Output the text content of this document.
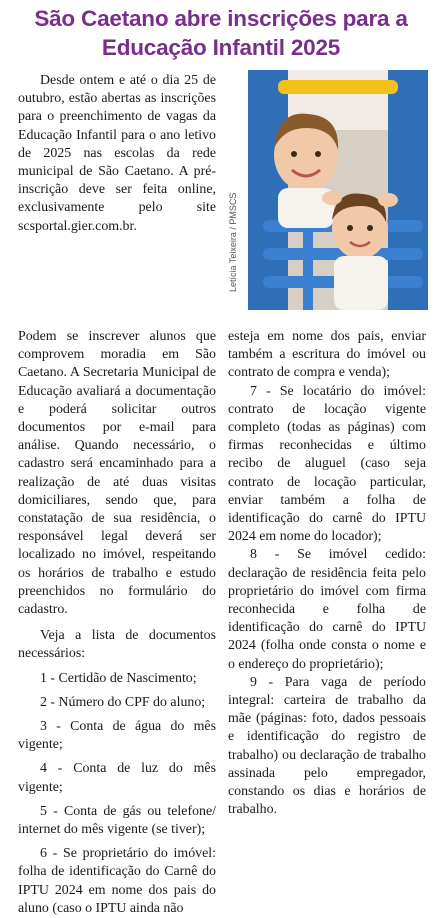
São Caetano abre inscrições para a Educação Infantil 2025

Desde ontem e até o dia 25 de outubro, estão abertas as inscrições para o preenchimento de vagas da Educação Infantil para o ano letivo de 2025 nas escolas da rede municipal de São Caetano. A pré-inscrição deve ser feita online, exclusivamente pelo site scsportal.gier.com.br.	Letícia Teixeira / PMSCS

Podem se inscrever alunos que comprovem moradia em São Caetano. A Secretaria Municipal de Educação avaliará a documentação e poderá solicitar outros documentos por e-mail para análise. Quando necessário, o cadastro será encaminhado para a realização de até duas visitas domiciliares, sendo que, para constatação de sua residência, o responsável legal deverá ser localizado no imóvel, respeitando os horários de trabalho e estudo preenchidos no formulário do cadastro.

Veja a lista de documentos necessários:

1 - Certidão de Nascimento;

2 - Número do CPF do aluno;

3 - Conta de água do mês vigente;

4 - Conta de luz do mês vigente;

5 - Conta de gás ou telefone/ internet do mês vigente (se tiver);

6 - Se proprietário do imóvel: folha de identificação do Carnê do IPTU 2024 em nome dos pais do aluno (caso o IPTU ainda não

esteja em nome dos pais, enviar também a escritura do imóvel ou contrato de compra e venda);

7 - Se locatário do imóvel: contrato de locação vigente completo (todas as páginas) com firmas reconhecidas e último recibo de aluguel (caso seja contrato de locação particular, enviar também a folha de identificação do carnê do IPTU 2024 em nome do locador);

8 - Se imóvel cedido: declaração de residência feita pelo proprietário do imóvel com firma reconhecida e folha de identificação do carnê do IPTU 2024 (folha onde consta o nome e o endereço do proprietário);

9 - Para vaga de período integral: carteira de trabalho da mãe (páginas: foto, dados pessoais e identificação do registro de trabalho) ou declaração de trabalho assinada pelo empregador, constando os dias e horários de trabalho.
